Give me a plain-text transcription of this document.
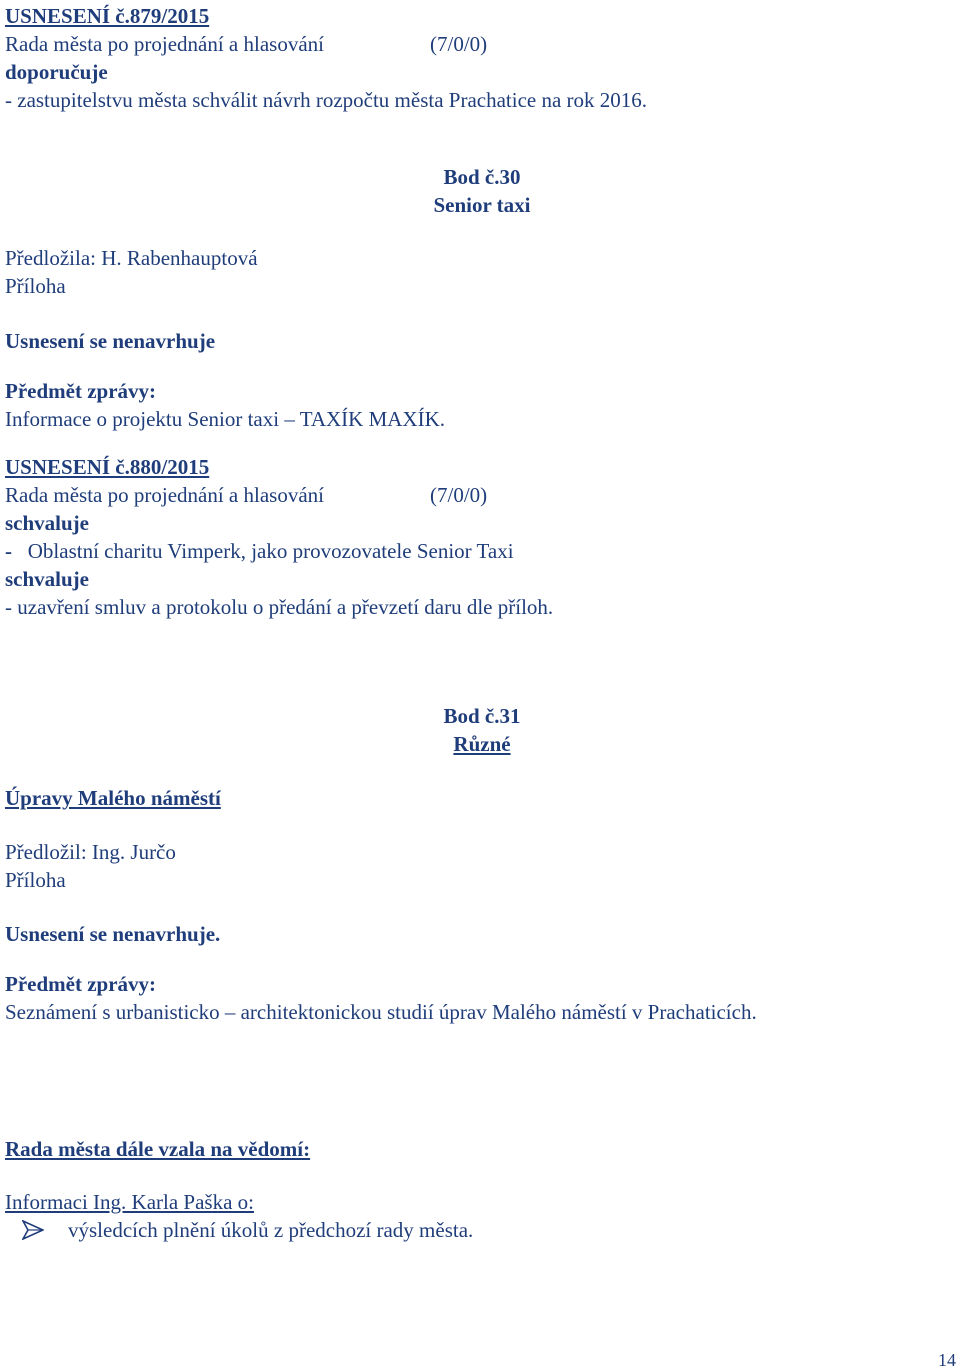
USNESENÍ č.879/2015
Rada města po projednání a hlasování	(7/0/0)
doporučuje
- zastupitelstvu města schválit návrh rozpočtu města Prachatice na rok 2016.
Bod č.30
Senior taxi
Předložila: H. Rabenhauptová
Příloha
Usnesení se nenavrhuje
Předmět zprávy:
Informace o projektu Senior taxi – TAXÍK MAXÍK.
USNESENÍ č.880/2015
Rada města po projednání a hlasování	(7/0/0)
schvaluje
- Oblastní charitu Vimperk, jako provozovatele Senior Taxi
schvaluje
- uzavření smluv a protokolu o předání a převzetí daru dle příloh.
Bod č.31
Různé
Úpravy Malého náměstí
Předložil: Ing. Jurčo
Příloha
Usnesení se nenavrhuje.
Předmět zprávy:
Seznámení s urbanisticko – architektonickou studií úprav Malého náměstí v Prachaticích.
Rada města dále vzala na vědomí:
Informaci Ing. Karla Paška o:
výsledcích plnění úkolů z předchozí rady města.
14
